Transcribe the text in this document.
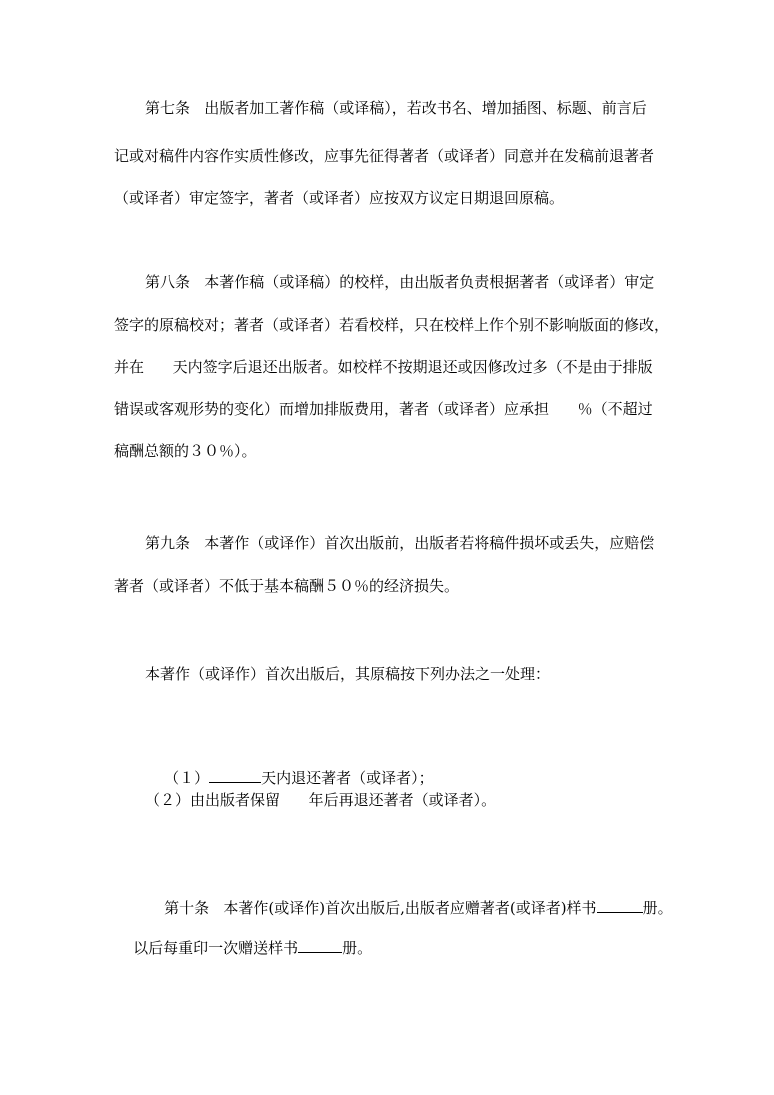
第七条   出版者加工著作稿（或译稿），若改书名、增加插图、标题、前言后
记或对稿件内容作实质性修改，应事先征得著者（或译者）同意并在发稿前退著者
（或译者）审定签字，著者（或译者）应按双方议定日期退回原稿。
第八条   本著作稿（或译稿）的校样，由出版者负责根据著者（或译者）审定
签字的原稿校对；著者（或译者）若看校样，只在校样上作个别不影响版面的修改，
并在      天内签字后退还出版者。如校样不按期退还或因修改过多（不是由于排版
错误或客观形势的变化）而增加排版费用，著者（或译者）应承担      ％（不超过
稿酬总额的３０％）。
第九条   本著作（或译作）首次出版前，出版者若将稿件损坏或丢失，应赔偿
著者（或译者）不低于基本稿酬５０％的经济损失。
本著作（或译作）首次出版后，其原稿按下列办法之一处理：

（１）	天内退还著者（或译者）；

（２）由出版者保留      年后再退还著者（或译者）。

第十条   本著作(或译作)首次出版后,出版者应赠著者(或译者)样书	册。

以后每重印一次赠送样书	册。
